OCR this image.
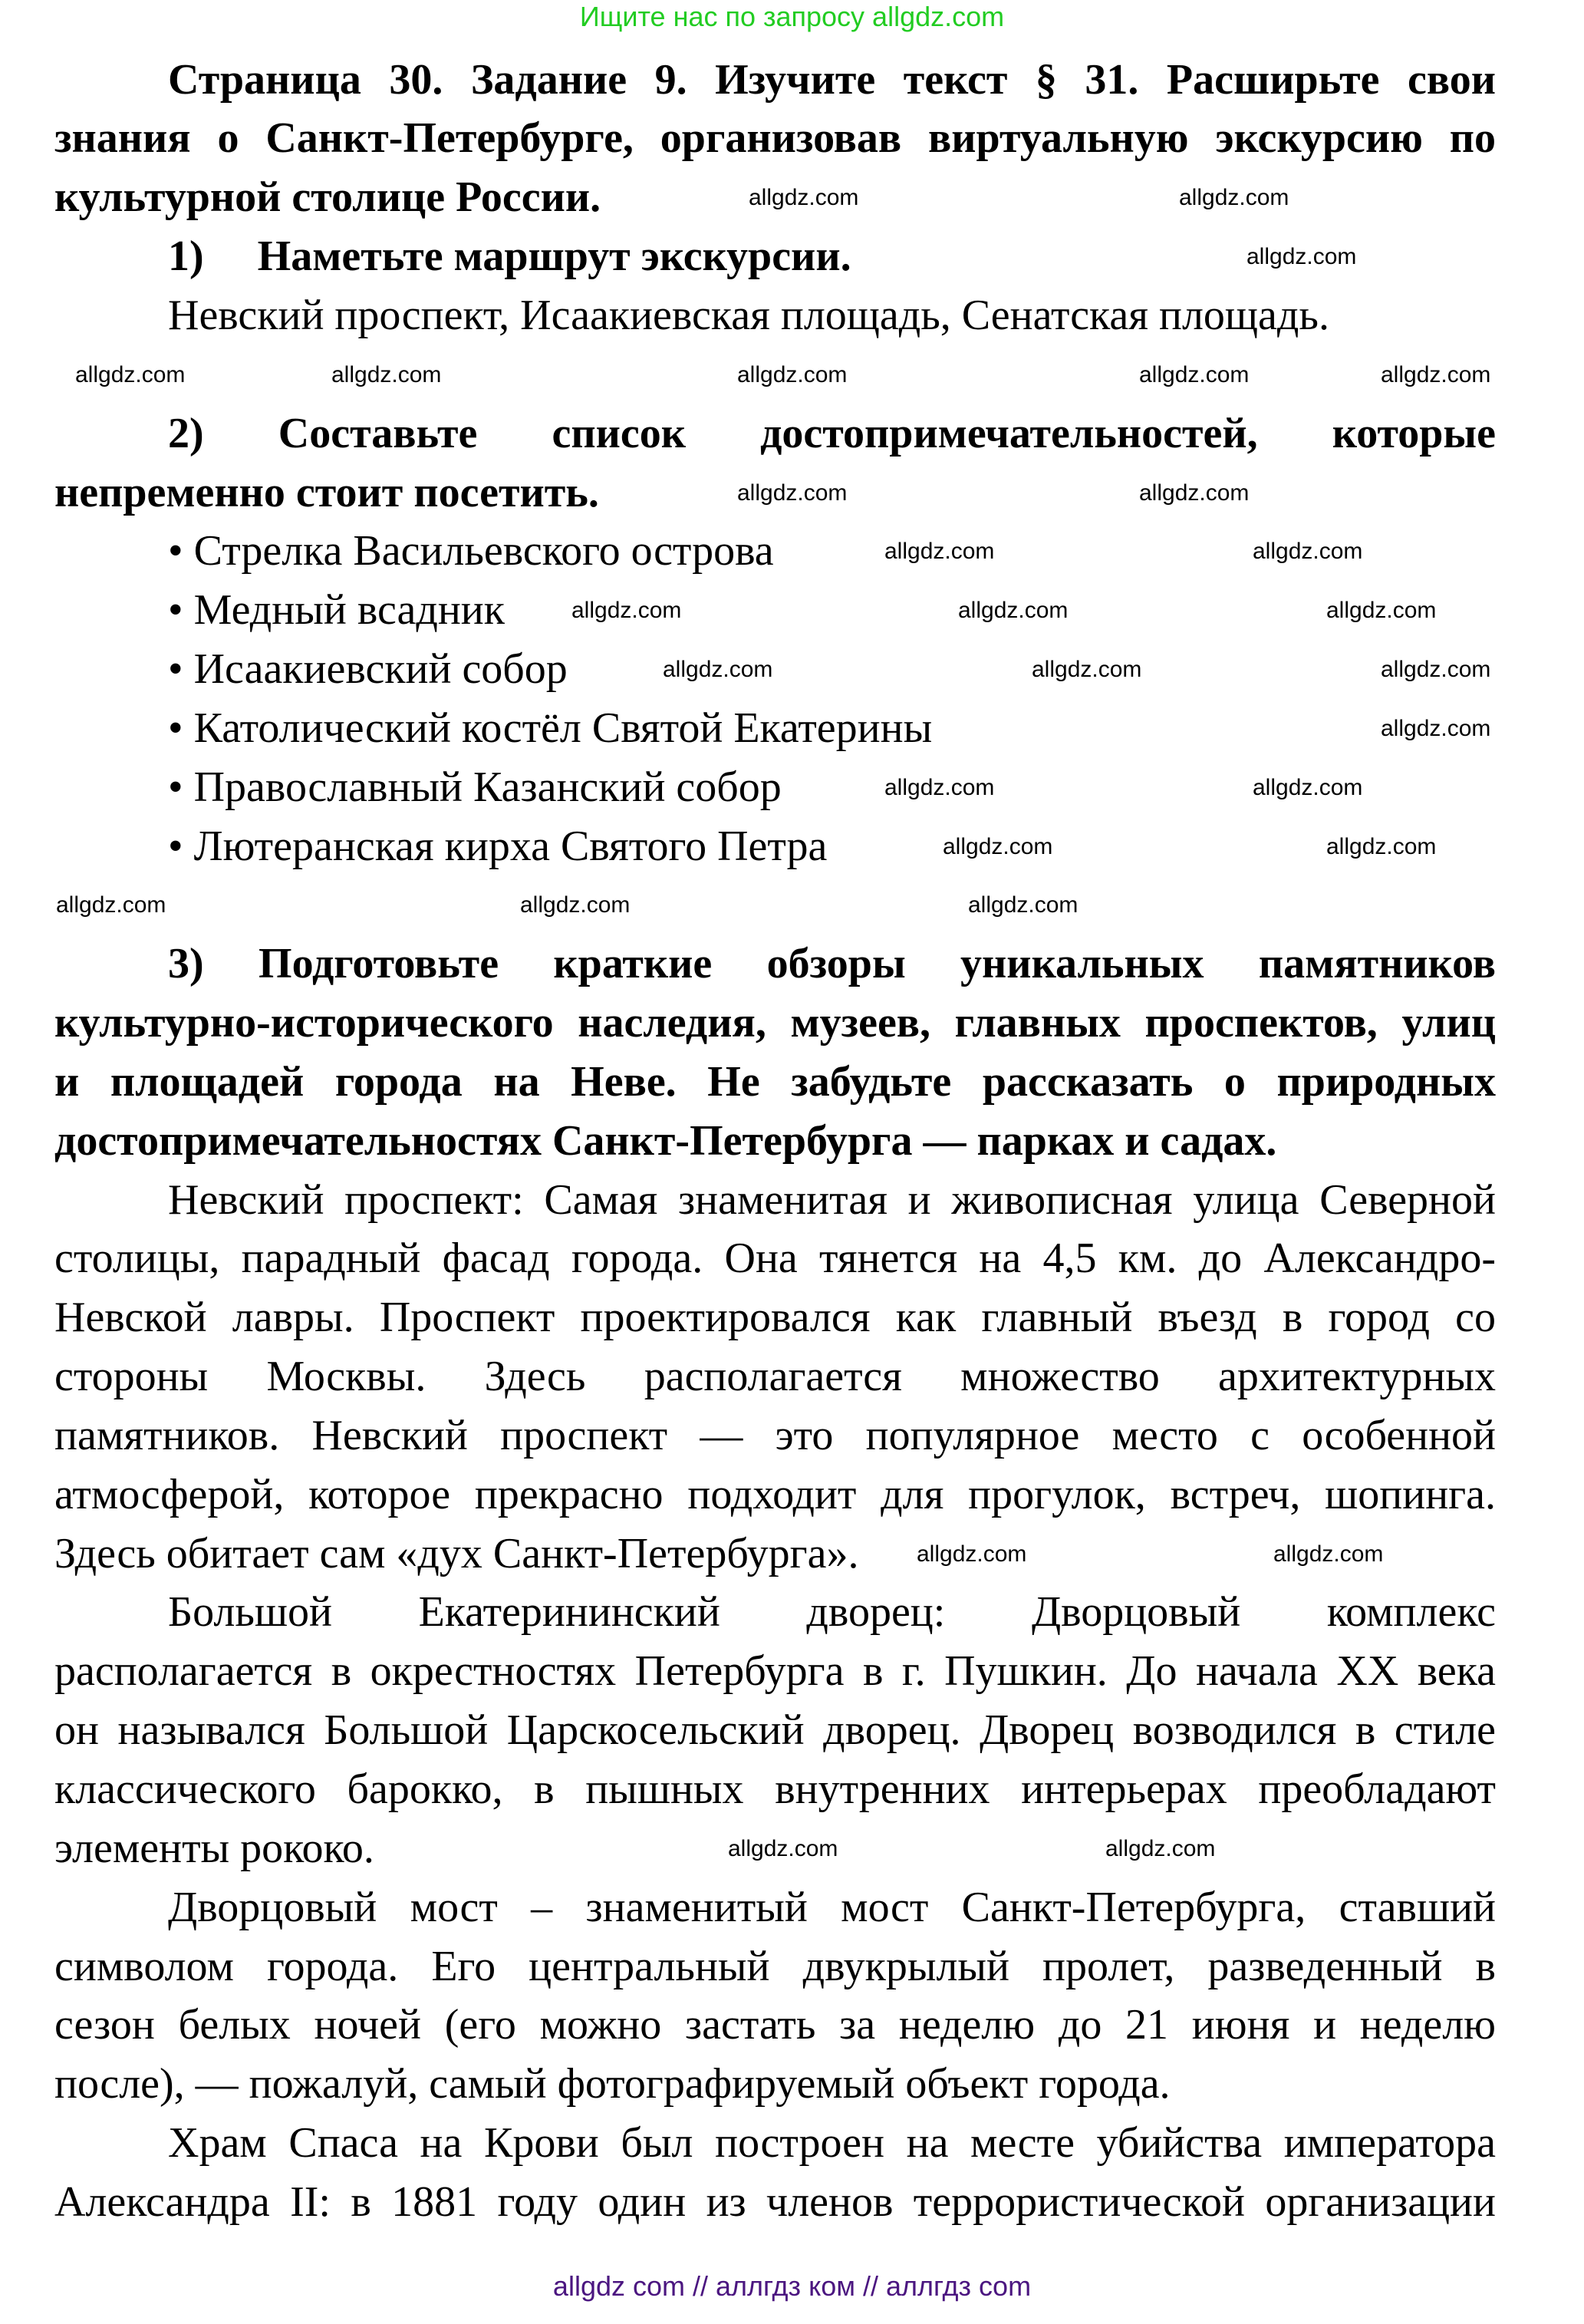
Ищите нас по запросу allgdz.com
Страница 30. Задание 9. Изучите текст § 31. Расширьте свои
знания о Санкт-Петербурге, организовав виртуальную экскурсию по
культурной столице России.
1)     Наметьте маршрут экскурсии.
Невский проспект, Исаакиевская площадь, Сенатская площадь.
2) Составьте список достопримечательностей, которые
непременно стоит посетить.
• Стрелка Васильевского острова
• Медный всадник
• Исаакиевский собор
• Католический костёл Святой Екатерины
• Православный Казанский собор
• Лютеранская кирха Святого Петра
3) Подготовьте краткие обзоры уникальных памятников
культурно-исторического наследия, музеев, главных проспектов, улиц
и площадей города на Неве. Не забудьте рассказать о природных
достопримечательностях Санкт-Петербурга — парках и садах.
Невский проспект: Самая знаменитая и живописная улица Северной
столицы, парадный фасад города. Она тянется на 4,5 км. до Александро-
Невской лавры. Проспект проектировался как главный въезд в город со
стороны Москвы. Здесь располагается множество архитектурных
памятников. Невский проспект — это популярное место с особенной
атмосферой, которое прекрасно подходит для прогулок, встреч, шопинга.
Здесь обитает сам «дух Санкт-Петербурга».
Большой Екатерининский дворец: Дворцовый комплекс
располагается в окрестностях Петербурга в г. Пушкин. До начала XX века
он назывался Большой Царскосельский дворец. Дворец возводился в стиле
классического барокко, в пышных внутренних интерьерах преобладают
элементы рококо.
Дворцовый мост – знаменитый мост Санкт-Петербурга, ставший
символом города. Его центральный двукрылый пролет, разведенный в
сезон белых ночей (его можно застать за неделю до 21 июня и неделю
после), — пожалуй, самый фотографируемый объект города.
Храм Спаса на Крови был построен на месте убийства императора
Александра II: в 1881 году один из членов террористической организации
allgdz.com	allgdz.com
allgdz.com
allgdz.com	allgdz.com	allgdz.com	allgdz.com	allgdz.com
allgdz.com	allgdz.com
allgdz.com	allgdz.com
allgdz.com	allgdz.com	allgdz.com
allgdz.com	allgdz.com	allgdz.com
allgdz.com
allgdz.com	allgdz.com
allgdz.com	allgdz.com
allgdz.com	allgdz.com	allgdz.com
allgdz.com	allgdz.com
allgdz.com	allgdz.com
allgdz com // аллгдз ком // аллгдз com
